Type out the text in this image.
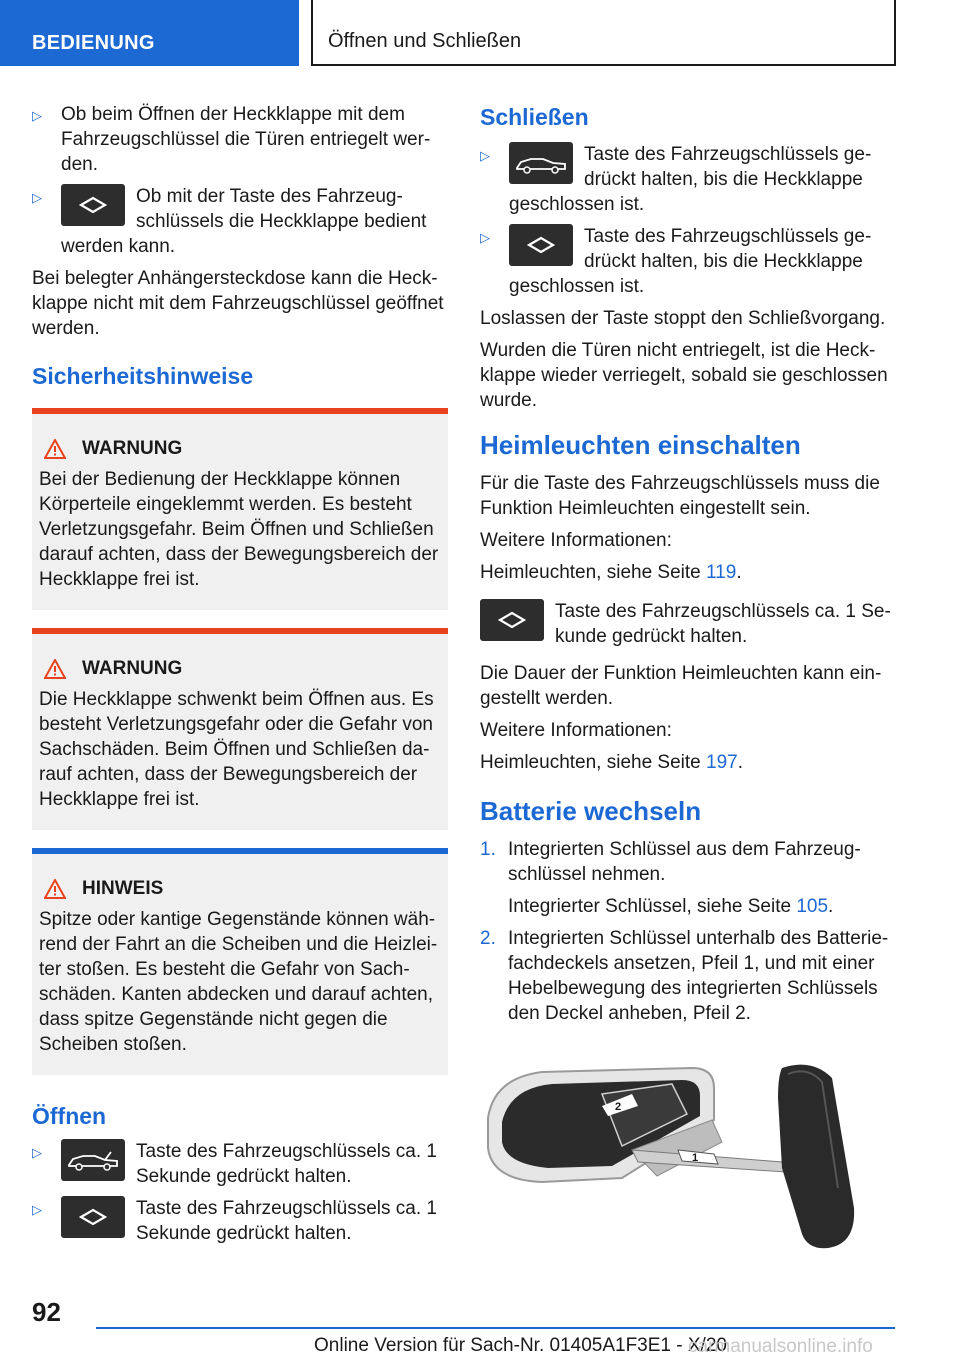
BEDIENUNG	Öffnen und Schließen
▷	Ob beim Öffnen der Heckklappe mit dem Fahrzeugschlüssel die Türen entriegelt werden.
▷	Ob mit der Taste des Fahrzeugschlüssels die Heckklappe bedient werden kann.

Bei belegter Anhängersteckdose kann die Heckklappe nicht mit dem Fahrzeugschlüssel geöffnet werden.

Sicherheitshinweise
WARNUNG
Bei der Bedienung der Heckklappe können Körperteile eingeklemmt werden. Es besteht Verletzungsgefahr. Beim Öffnen und Schließen darauf achten, dass der Bewegungsbereich der Heckklappe frei ist.
WARNUNG
Die Heckklappe schwenkt beim Öffnen aus. Es besteht Verletzungsgefahr oder die Gefahr von Sachschäden. Beim Öffnen und Schließen darauf achten, dass der Bewegungsbereich der Heckklappe frei ist.
HINWEIS
Spitze oder kantige Gegenstände können während der Fahrt an die Scheiben und die Heizleiter stoßen. Es besteht die Gefahr von Sachschäden. Kanten abdecken und darauf achten, dass spitze Gegenstände nicht gegen die Scheiben stoßen.
Öffnen
▷	Taste des Fahrzeugschlüssels ca. 1 Sekunde gedrückt halten.
▷	Taste des Fahrzeugschlüssels ca. 1 Sekunde gedrückt halten.
Schließen
▷	Taste des Fahrzeugschlüssels gedrückt halten, bis die Heckklappe geschlossen ist.
▷	Taste des Fahrzeugschlüssels gedrückt halten, bis die Heckklappe geschlossen ist.

Loslassen der Taste stoppt den Schließvorgang.

Wurden die Türen nicht entriegelt, ist die Heckklappe wieder verriegelt, sobald sie geschlossen wurde.

Heimleuchten einschalten

Für die Taste des Fahrzeugschlüssels muss die Funktion Heimleuchten eingestellt sein.

Weitere Informationen:

Heimleuchten, siehe Seite 119.

Taste des Fahrzeugschlüssels ca. 1 Sekunde gedrückt halten.

Die Dauer der Funktion Heimleuchten kann eingestellt werden.

Weitere Informationen:

Heimleuchten, siehe Seite 197.

Batterie wechseln
1. Integrierten Schlüssel aus dem Fahrzeugschlüssel nehmen.
Integrierter Schlüssel, siehe Seite 105.
2. Integrierten Schlüssel unterhalb des Batteriefachdeckels ansetzen, Pfeil 1, und mit einer Hebelbewegung des integrierten Schlüssels den Deckel anheben, Pfeil 2.
2
1
92
Online Version für Sach-Nr. 01405A1F3E1 - X/20
carmanualsonline.info
